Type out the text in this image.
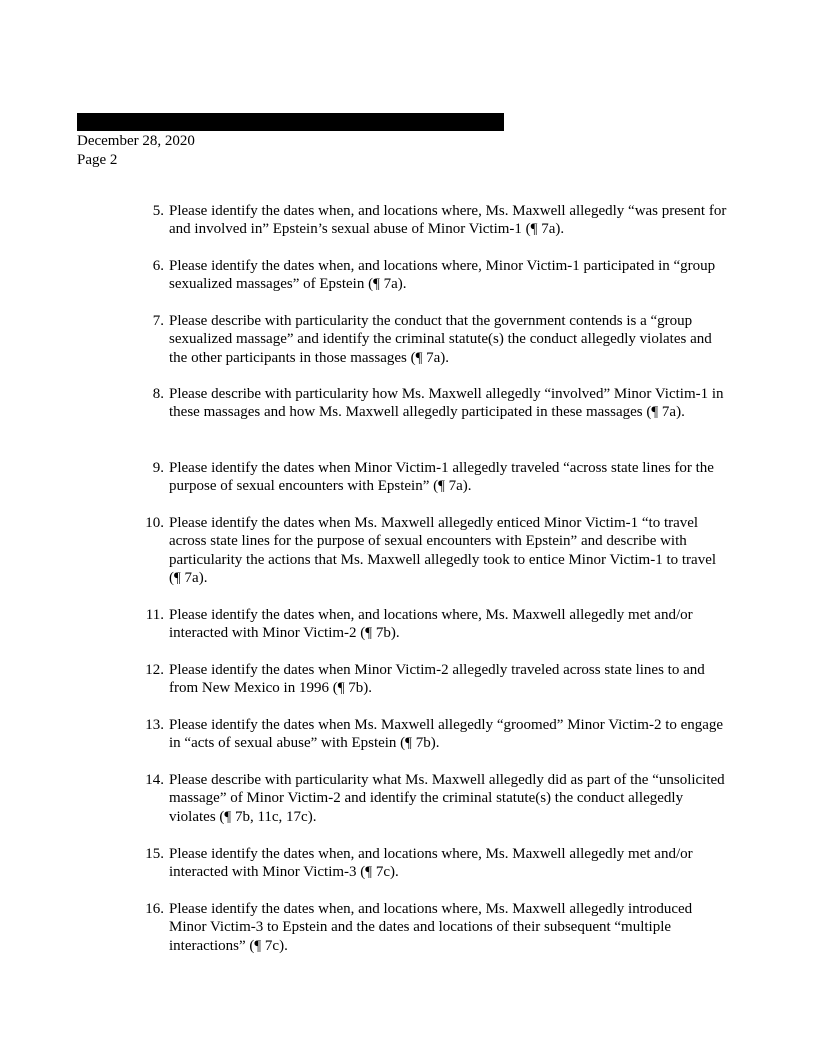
December 28, 2020
Page 2
5. Please identify the dates when, and locations where, Ms. Maxwell allegedly “was present for and involved in” Epstein’s sexual abuse of Minor Victim-1 (¶ 7a).
6. Please identify the dates when, and locations where, Minor Victim-1 participated in “group sexualized massages” of Epstein (¶ 7a).
7. Please describe with particularity the conduct that the government contends is a “group sexualized massage” and identify the criminal statute(s) the conduct allegedly violates and the other participants in those massages (¶ 7a).
8. Please describe with particularity how Ms. Maxwell allegedly “involved” Minor Victim-1 in these massages and how Ms. Maxwell allegedly participated in these massages (¶ 7a).
9. Please identify the dates when Minor Victim-1 allegedly traveled “across state lines for the purpose of sexual encounters with Epstein” (¶ 7a).
10. Please identify the dates when Ms. Maxwell allegedly enticed Minor Victim-1 “to travel across state lines for the purpose of sexual encounters with Epstein” and describe with particularity the actions that Ms. Maxwell allegedly took to entice Minor Victim-1 to travel (¶ 7a).
11. Please identify the dates when, and locations where, Ms. Maxwell allegedly met and/or interacted with Minor Victim-2 (¶ 7b).
12. Please identify the dates when Minor Victim-2 allegedly traveled across state lines to and from New Mexico in 1996 (¶ 7b).
13. Please identify the dates when Ms. Maxwell allegedly “groomed” Minor Victim-2 to engage in “acts of sexual abuse” with Epstein (¶ 7b).
14. Please describe with particularity what Ms. Maxwell allegedly did as part of the “unsolicited massage” of Minor Victim-2 and identify the criminal statute(s) the conduct allegedly violates (¶ 7b, 11c, 17c).
15. Please identify the dates when, and locations where, Ms. Maxwell allegedly met and/or interacted with Minor Victim-3 (¶ 7c).
16. Please identify the dates when, and locations where, Ms. Maxwell allegedly introduced Minor Victim-3 to Epstein and the dates and locations of their subsequent “multiple interactions” (¶ 7c).
